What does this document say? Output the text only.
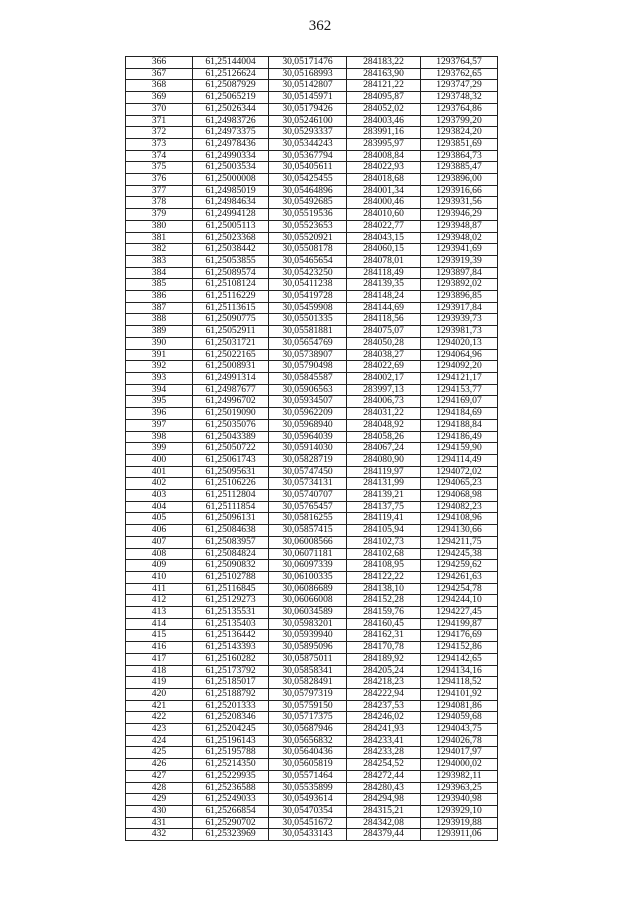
362
366	61,25144004	30,05171476	284183,22	1293764,57
367	61,25126624	30,05168993	284163,90	1293762,65
368	61,25087929	30,05142807	284121,22	1293747,29
369	61,25065219	30,05145971	284095,87	1293748,32
370	61,25026344	30,05179426	284052,02	1293764,86
371	61,24983726	30,05246100	284003,46	1293799,20
372	61,24973375	30,05293337	283991,16	1293824,20
373	61,24978436	30,05344243	283995,97	1293851,69
374	61,24990334	30,05367794	284008,84	1293864,73
375	61,25003534	30,05405611	284022,93	1293885,47
376	61,25000008	30,05425455	284018,68	1293896,00
377	61,24985019	30,05464896	284001,34	1293916,66
378	61,24984634	30,05492685	284000,46	1293931,56
379	61,24994128	30,05519536	284010,60	1293946,29
380	61,25005113	30,05523653	284022,77	1293948,87
381	61,25023368	30,05520921	284043,15	1293948,02
382	61,25038442	30,05508178	284060,15	1293941,69
383	61,25053855	30,05465654	284078,01	1293919,39
384	61,25089574	30,05423250	284118,49	1293897,84
385	61,25108124	30,05411238	284139,35	1293892,02
386	61,25116229	30,05419728	284148,24	1293896,85
387	61,25113615	30,05459908	284144,69	1293917,84
388	61,25090775	30,05501335	284118,56	1293939,73
389	61,25052911	30,05581881	284075,07	1293981,73
390	61,25031721	30,05654769	284050,28	1294020,13
391	61,25022165	30,05738907	284038,27	1294064,96
392	61,25008931	30,05790498	284022,69	1294092,20
393	61,24991314	30,05845587	284002,17	1294121,17
394	61,24987677	30,05906563	283997,13	1294153,77
395	61,24996702	30,05934507	284006,73	1294169,07
396	61,25019090	30,05962209	284031,22	1294184,69
397	61,25035076	30,05968940	284048,92	1294188,84
398	61,25043389	30,05964039	284058,26	1294186,49
399	61,25050722	30,05914030	284067,24	1294159,90
400	61,25061743	30,05828719	284080,90	1294114,49
401	61,25095631	30,05747450	284119,97	1294072,02
402	61,25106226	30,05734131	284131,99	1294065,23
403	61,25112804	30,05740707	284139,21	1294068,98
404	61,25111854	30,05765457	284137,75	1294082,23
405	61,25096131	30,05816255	284119,41	1294108,96
406	61,25084638	30,05857415	284105,94	1294130,66
407	61,25083957	30,06008566	284102,73	1294211,75
408	61,25084824	30,06071181	284102,68	1294245,38
409	61,25090832	30,06097339	284108,95	1294259,62
410	61,25102788	30,06100335	284122,22	1294261,63
411	61,25116845	30,06086689	284138,10	1294254,78
412	61,25129273	30,06066008	284152,28	1294244,10
413	61,25135531	30,06034589	284159,76	1294227,45
414	61,25135403	30,05983201	284160,45	1294199,87
415	61,25136442	30,05939940	284162,31	1294176,69
416	61,25143393	30,05895096	284170,78	1294152,86
417	61,25160282	30,05875011	284189,92	1294142,65
418	61,25173792	30,05858341	284205,24	1294134,16
419	61,25185017	30,05828491	284218,23	1294118,52
420	61,25188792	30,05797319	284222,94	1294101,92
421	61,25201333	30,05759150	284237,53	1294081,86
422	61,25208346	30,05717375	284246,02	1294059,68
423	61,25204245	30,05687946	284241,93	1294043,75
424	61,25196143	30,05656832	284233,41	1294026,78
425	61,25195788	30,05640436	284233,28	1294017,97
426	61,25214350	30,05605819	284254,52	1294000,02
427	61,25229935	30,05571464	284272,44	1293982,11
428	61,25236588	30,05535899	284280,43	1293963,25
429	61,25249033	30,05493614	284294,98	1293940,98
430	61,25266854	30,05470354	284315,21	1293929,10
431	61,25290702	30,05451672	284342,08	1293919,88
432	61,25323969	30,05433143	284379,44	1293911,06
